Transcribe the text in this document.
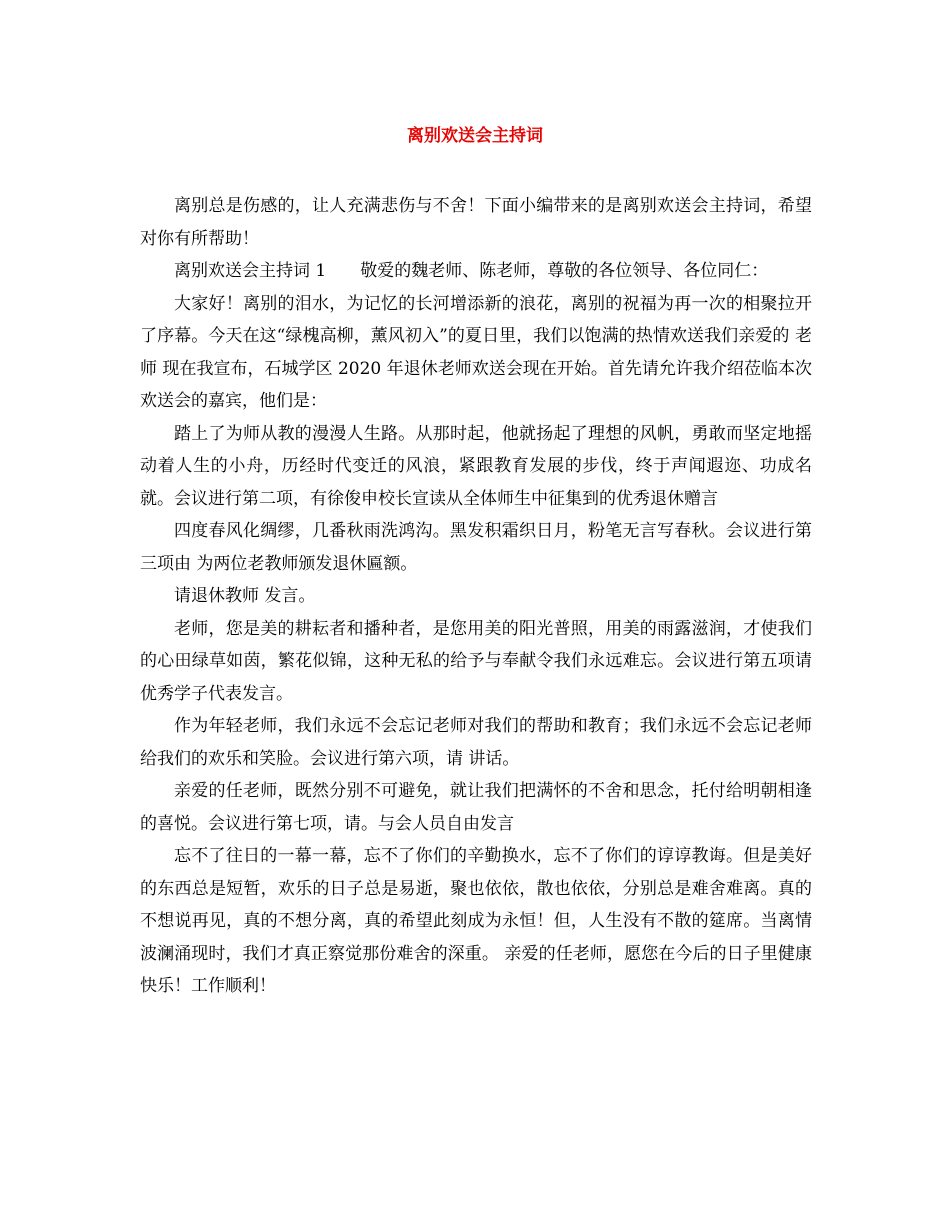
离别欢送会主持词

离别总是伤感的，让人充满悲伤与不舍！下面小编带来的是离别欢送会主持词，希望对你有所帮助！

离别欢送会主持词 1　　敬爱的魏老师、陈老师，尊敬的各位领导、各位同仁：

大家好！离别的泪水，为记忆的长河增添新的浪花，离别的祝福为再一次的相聚拉开了序幕。今天在这“绿槐高柳，薰风初入”的夏日里，我们以饱满的热情欢送我们亲爱的 老师 现在我宣布，石城学区 2020 年退休老师欢送会现在开始。首先请允许我介绍莅临本次欢送会的嘉宾，他们是：

踏上了为师从教的漫漫人生路。从那时起，他就扬起了理想的风帆，勇敢而坚定地摇动着人生的小舟，历经时代变迁的风浪，紧跟教育发展的步伐，终于声闻遐迩、功成名就。会议进行第二项，有徐俊申校长宣读从全体师生中征集到的优秀退休赠言

四度春风化绸缪，几番秋雨洗鸿沟。黑发积霜织日月，粉笔无言写春秋。会议进行第三项由 为两位老教师颁发退休匾额。

请退休教师 发言。

老师，您是美的耕耘者和播种者，是您用美的阳光普照，用美的雨露滋润，才使我们的心田绿草如茵，繁花似锦，这种无私的给予与奉献令我们永远难忘。会议进行第五项请优秀学子代表发言。

作为年轻老师，我们永远不会忘记老师对我们的帮助和教育；我们永远不会忘记老师给我们的欢乐和笑脸。会议进行第六项，请 讲话。

亲爱的任老师，既然分别不可避免，就让我们把满怀的不舍和思念，托付给明朝相逢的喜悦。会议进行第七项，请。与会人员自由发言

忘不了往日的一幕一幕，忘不了你们的辛勤换水，忘不了你们的谆谆教诲。但是美好的东西总是短暂，欢乐的日子总是易逝，聚也依依，散也依依，分别总是难舍难离。真的不想说再见，真的不想分离，真的希望此刻成为永恒！但，人生没有不散的筵席。当离情波澜涌现时，我们才真正察觉那份难舍的深重。 亲爱的任老师，愿您在今后的日子里健康快乐！工作顺利！
